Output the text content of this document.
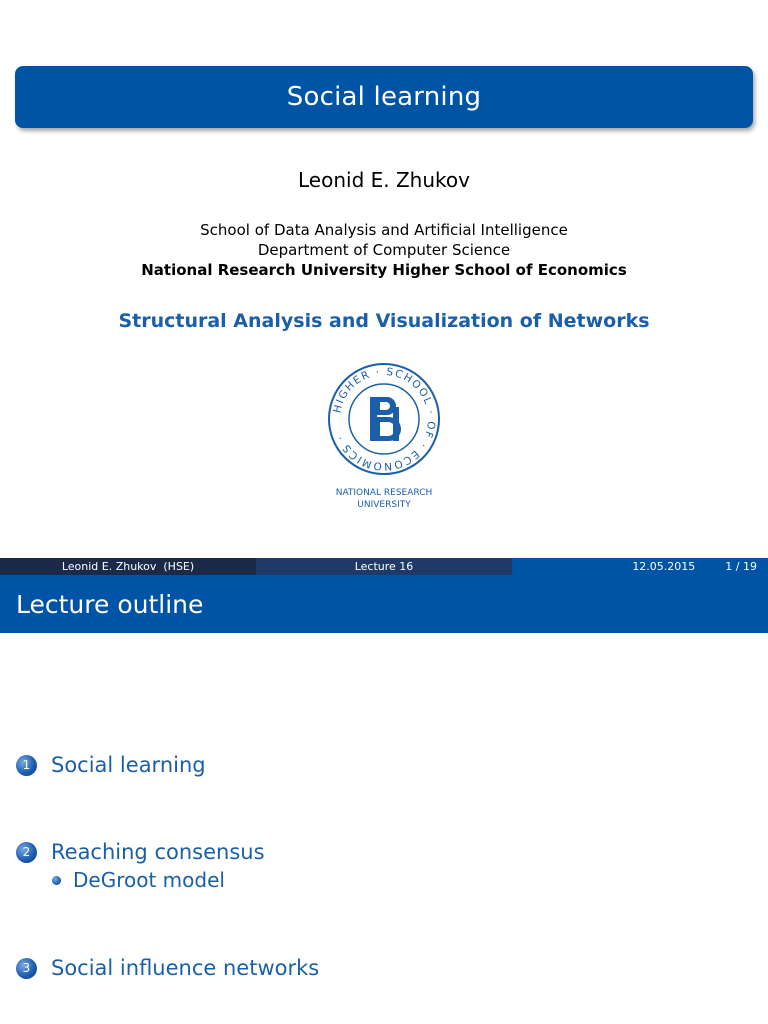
Social learning
Leonid E. Zhukov
School of Data Analysis and Artificial Intelligence
Department of Computer Science
National Research University Higher School of Economics
Structural Analysis and Visualization of Networks
HIGHER · SCHOOL · OF · ECONOMICS ·
NATIONAL RESEARCH
UNIVERSITY
Leonid E. Zhukov  (HSE)	Lecture 16	12.05.2015	1 / 19
Lecture outline
1 Social learning
2 Reaching consensus
DeGroot model
3 Social influence networks
